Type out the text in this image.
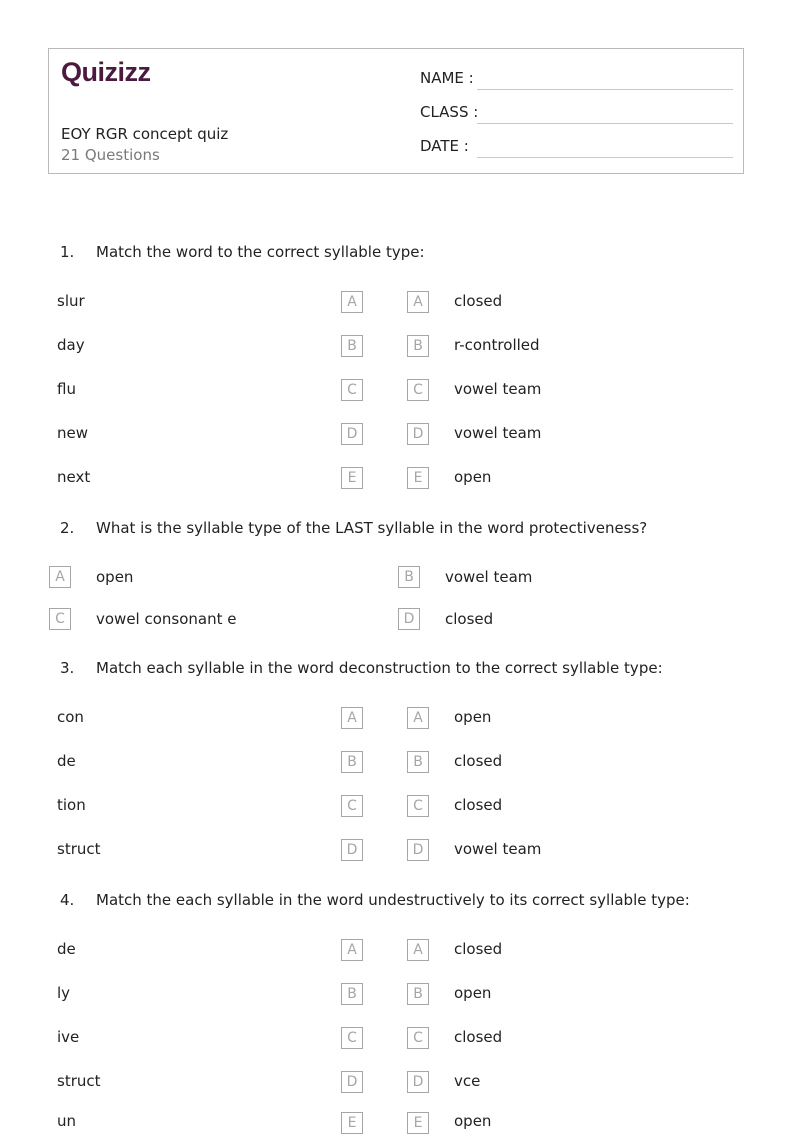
Quizizz
EOY RGR concept quiz
21 Questions
NAME :
CLASS :
DATE :
1. Match the word to the correct syllable type:
slur	A	A	closed
day	B	B	r-controlled
flu	C	C	vowel team
new	D	D	vowel team
next	E	E	open
2. What is the syllable type of the LAST syllable in the word protectiveness?
A	open	B	vowel team
C	vowel consonant e	D	closed
3. Match each syllable in the word deconstruction to the correct syllable type:
con	A	A	open
de	B	B	closed
tion	C	C	closed
struct	D	D	vowel team
4. Match the each syllable in the word undestructively to its correct syllable type:
de	A	A	closed
ly	B	B	open
ive	C	C	closed
struct	D	D	vce
un	E	E	open
